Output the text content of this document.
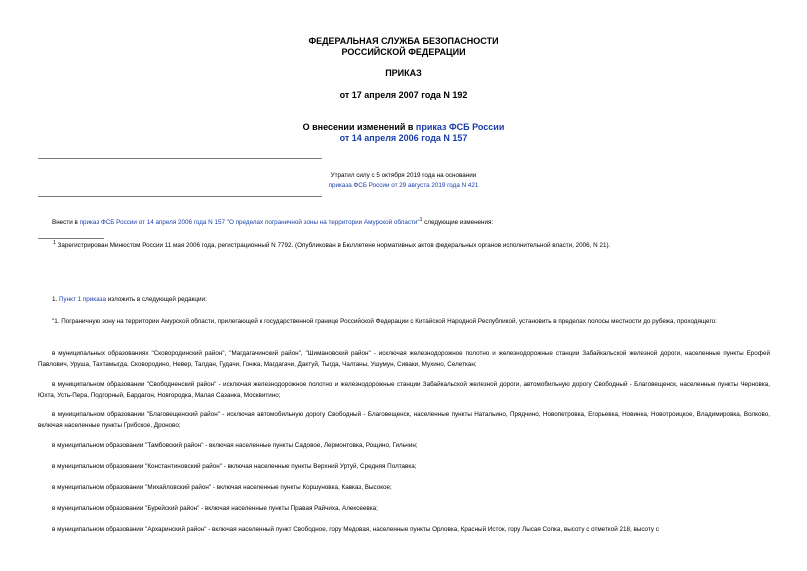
ФЕДЕРАЛЬНАЯ СЛУЖБА БЕЗОПАСНОСТИ
РОССИЙСКОЙ ФЕДЕРАЦИИ
ПРИКАЗ
от 17 апреля 2007 года N 192
О внесении изменений в приказ ФСБ России
от 14 апреля 2006 года N 157
Утратил силу с 5 октября 2019 года на основании
приказа ФСБ России от 29 августа 2019 года N 421
Внести в приказ ФСБ России от 14 апреля 2006 года N 157 "О пределах пограничной зоны на территории Амурской области"$^1$ следующие изменения:
$^1$ Зарегистрирован Минюстом России 11 мая 2006 года, регистрационный N 7792. (Опубликован в Бюллетене нормативных актов федеральных органов исполнительной власти, 2006, N 21).
1. Пункт 1 приказа изложить в следующей редакции:
"1. Пограничную зону на территории Амурской области, прилегающей к государственной границе Российской Федерации с Китайской Народной Республикой, установить в пределах полосы местности до рубежа, проходящего:
в муниципальных образованиях "Сковородинский район", "Магдагачинский район", "Шимановский район" - исключая железнодорожное полотно и железнодорожные станции Забайкальской железной дороги, населенные пункты Ерофей Павлович, Уруша, Тахтамыгда, Сковородино, Невер, Талдан, Гудачи, Гонжа, Магдагачи, Дактуй, Тыгда, Чалганы, Ушумун, Сиваки, Мухино, Селеткан;
в муниципальном образовании "Свободненский район" - исключая железнодорожное полотно и железнодорожные станции Забайкальской железной дороги, автомобильную дорогу Свободный - Благовещенск, населенные пункты Черновка, Юхта, Усть-Пера, Подгорный, Бардагон, Новгородка, Малая Сазанка, Москвитино;
в муниципальном образовании "Благовещенский район" - исключая автомобильную дорогу Свободный - Благовещенск, населенные пункты Натальино, Прядчино, Новопетровка, Егорьевка, Новинка, Новотроицкое, Владимировка, Волково, включая населенные пункты Грибское, Дроново;
в муниципальном образовании "Тамбовский район" - включая населенные пункты Садовое, Лермонтовка, Рощино, Гильчин;
в муниципальном образовании "Константиновский район" - включая населенные пункты Верхний Уртуй, Средняя Полтавка;
в муниципальном образовании "Михайловский район" - включая населенные пункты Коршуновка, Кавказ, Высокое;
в муниципальном образовании "Бурейский район" - включая населенные пункты Правая Райчиха, Алексеевка;
в муниципальном образовании "Архаринский район" - включая населенный пункт Свободное, гору Медовая, населенные пункты Орловка, Красный Исток, гору Лысая Сопка, высоту с отметкой 218, высоту с
